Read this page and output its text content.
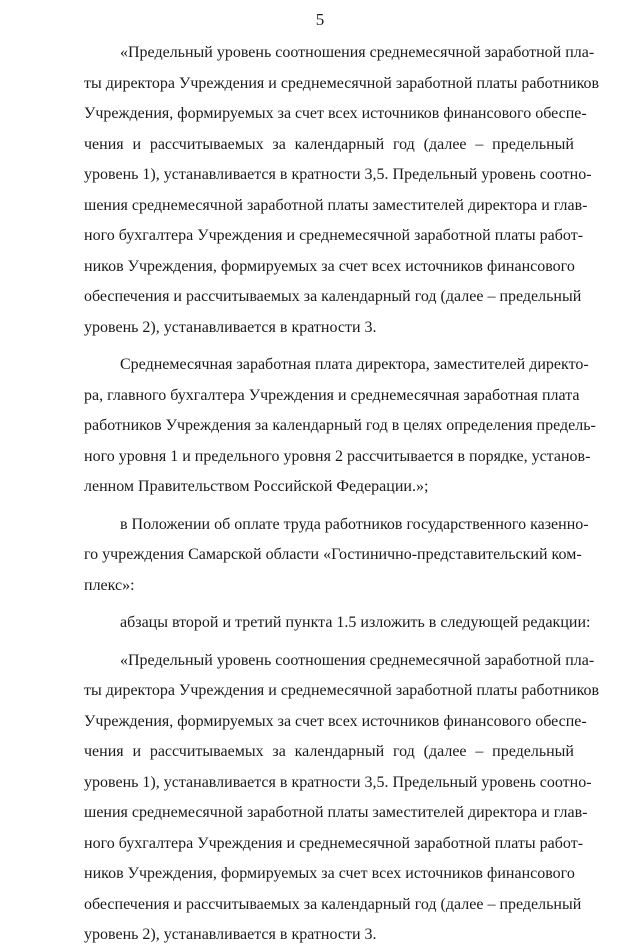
5
«Предельный уровень соотношения среднемесячной заработной пла-
ты директора Учреждения и среднемесячной заработной платы работников
Учреждения, формируемых за счет всех источников финансового обеспе-
чения и рассчитываемых за календарный год (далее – предельный
уровень 1), устанавливается в кратности 3,5. Предельный уровень соотно-
шения среднемесячной заработной платы заместителей директора и глав-
ного бухгалтера Учреждения и среднемесячной заработной платы работ-
ников Учреждения, формируемых за счет всех источников финансового
обеспечения и рассчитываемых за календарный год (далее – предельный
уровень 2), устанавливается в кратности 3.
Среднемесячная заработная плата директора, заместителей директо-
ра, главного бухгалтера Учреждения и среднемесячная заработная плата
работников Учреждения за календарный год в целях определения предель-
ного уровня 1 и предельного уровня 2 рассчитывается в порядке, установ-
ленном Правительством Российской Федерации.»;
в Положении об оплате труда работников государственного казенно-
го учреждения Самарской области «Гостинично-представительский ком-
плекс»:
абзацы второй и третий пункта 1.5 изложить в следующей редакции:
«Предельный уровень соотношения среднемесячной заработной пла-
ты директора Учреждения и среднемесячной заработной платы работников
Учреждения, формируемых за счет всех источников финансового обеспе-
чения и рассчитываемых за календарный год (далее – предельный
уровень 1), устанавливается в кратности 3,5. Предельный уровень соотно-
шения среднемесячной заработной платы заместителей директора и глав-
ного бухгалтера Учреждения и среднемесячной заработной платы работ-
ников Учреждения, формируемых за счет всех источников финансового
обеспечения и рассчитываемых за календарный год (далее – предельный
уровень 2), устанавливается в кратности 3.
